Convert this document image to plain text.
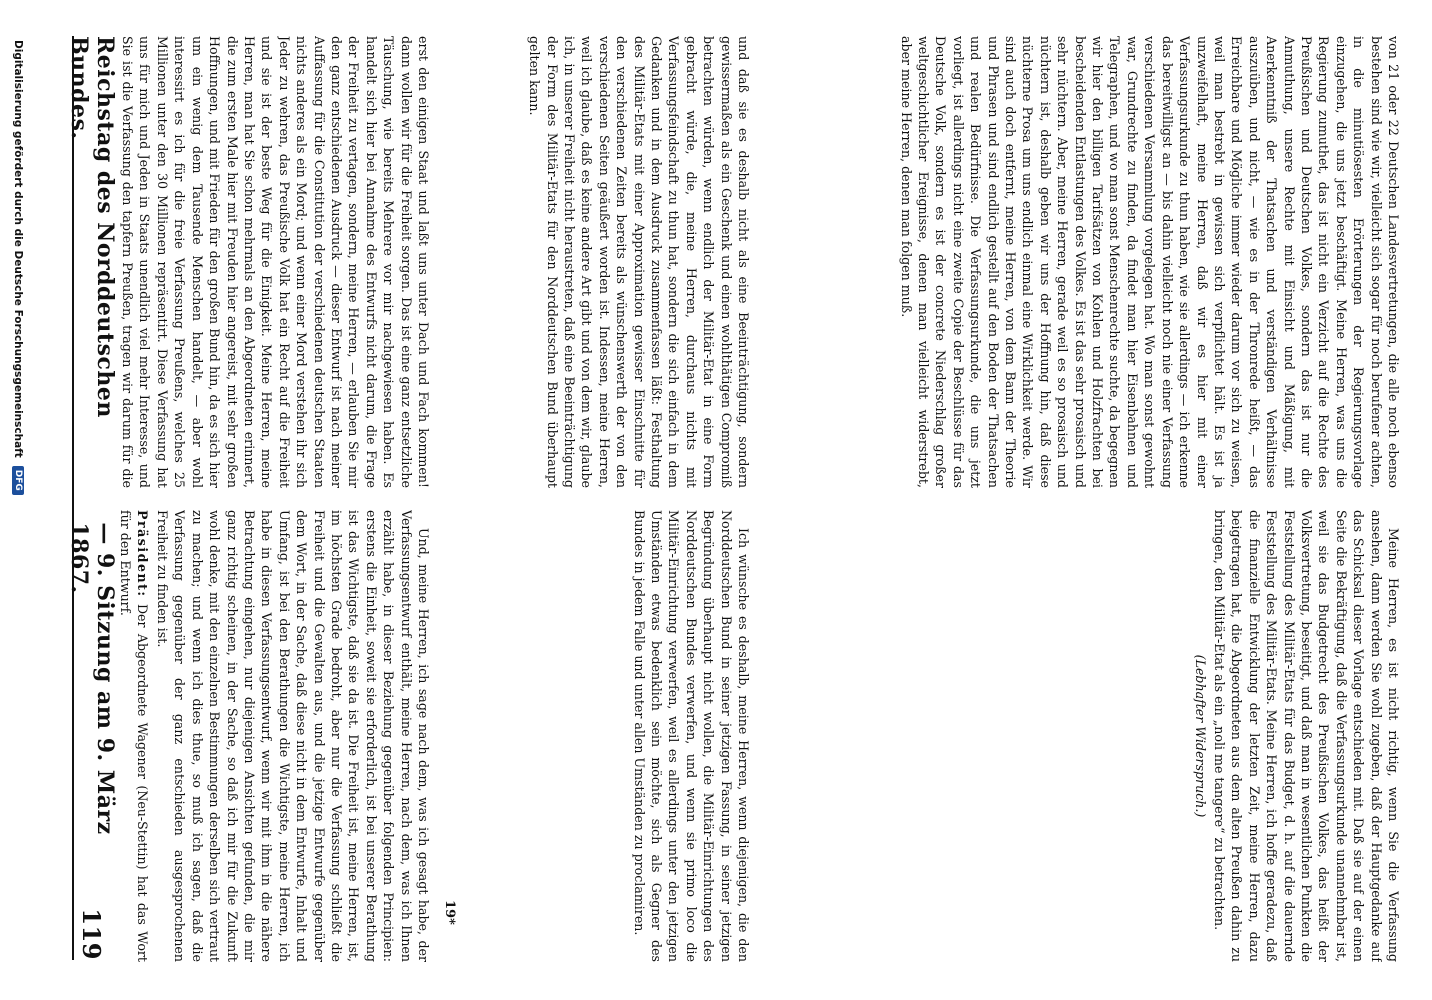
Reichstag des Norddeutschen Bundes.
— 9. Sitzung am 9. März 1867.
119

von 21 oder 22 Deutschen Landesvertretungen, die alle noch ebenso bestehen sind wie wir, vielleicht sich sogar für noch berufener achten, in die minutiösesten Erörterungen der Regierungsvorlage einzugehen, die uns jetzt beschäftigt. Meine Herren, was uns die Regierung zumuthet, das ist nicht ein Verzicht auf die Rechte des Preußischen und Deutschen Volkes, sondern das ist nur die Anmuthung, unsere Rechte mit Einsicht und Mäßigung, mit Anerkenntniß der Thatsachen und verständigen Verhältnisse auszuüben, und nicht, — wie es in der Thronrede heißt, — das Erreichbare und Mögliche immer wieder darum vor sich zu weisen, weil man bestrebt in gewissen sich verpflichtet hält. Es ist ja unzweifelhaft, meine Herren, daß wir es hier mit einer Verfassungsurkunde zu thun haben, wie sie allerdings — ich erkenne das bereitwilligst an — bis dahin vielleicht noch nie einer Verfassung verschiedenen Versammlung vorgelegen hat. Wo man sonst gewohnt war, Grundrechte zu finden, da findet man hier Eisenbahnen und Telegraphen, und wo man sonst Menschenrechte suchte, da begegnen wir hier den billigen Tarifsätzen von Kohlen und Holzfrachten bei bescheidenden Entlastungen des Volkes. Es ist das sehr prosaisch und sehr nüchtern. Aber, meine Herren, gerade weil es so prosaisch und nüchtern ist, deshalb geben wir uns der Hoffnung hin, daß diese nüchterne Prosa um uns endlich einmal eine Wirklichkeit werde. Wir sind auch doch entfernt, meine Herren, von dem Bann der Theorie und Phrasen und sind endlich gestellt auf den Boden der Thatsachen und realen Bedürfnisse. Die Verfassungsurkunde, die uns jetzt vorliegt, ist allerdings nicht eine zweite Copie der Beschlüsse für das Deutsche Volk, sondern es ist der concrete Niederschlag großer weltgeschichtlicher Ereignisse, denen man vielleicht widerstrebt, aber meine Herren, denen man folgen muß.

Meine Herren, es ist nicht richtig, wenn Sie die Verfassung ansehen, dann werden Sie wohl zugeben, daß der Hauptgedanke auf das Schicksal dieser Vorlage entschieden mit. Daß sie auf der einen Seite die Bekräftigung, daß die Verfassungsurkunde unannehmbar ist, weil sie das Budgetrecht des Preußischen Volkes, das heißt der Volksvertretung, beseitigt, und daß man in wesentlichen Punkten die Feststellung des Militär-Etats für das Budget, d. h. auf die dauernde Feststellung des Militär-Etats. Meine Herren, ich hoffe geradezu, daß die finanzielle Entwicklung der letzten Zeit, meine Herren, dazu beigetragen hat, die Abgeordneten aus dem alten Preußen dahin zu bringen, den Militär-Etat als ein „noli me tangere“ zu betrachten.

(Lebhafter Widerspruch.)

und daß sie es deshalb nicht als eine Beeinträchtigung, sondern gewissermaßen als ein Geschenk und einen wohlthätigen Compromiß betrachten würden, wenn endlich der Militär-Etat in eine Form gebracht würde, die, meine Herren, durchaus nichts mit Verfassungsfeindschaft zu thun hat, sondern die sich einfach in dem Gedanken und in dem Ausdruck zusammenfassen läßt: Festhaltung des Militär-Etats mit einer Approximation gewisser Einschnitte für den verschiedenen Zeiten bereits als wünschenswerth der von den verschiedenen Seiten geäußert worden ist. Indessen, meine Herren, weil ich glaube, daß es keine andere Art gibt und von dem wir, glaube ich, in unserer Freiheit nicht heraustreten, daß eine Beeinträchtigung der Form des Militär-Etats für den Norddeutschen Bund überhaupt gelten kann.

Ich wünsche es deshalb, meine Herren, wenn diejenigen, die den Norddeutschen Bund in seiner jetzigen Fassung, in seiner jetzigen Begründung überhaupt nicht wollen, die Militär-Einrichtungen des Norddeutschen Bundes verwerfen, und wenn sie primo loco die Militär-Einrichtung verwerfen, weil es allerdings unter den jetzigen Umständen etwas bedenklich sein möchte, sich als Gegner des Bundes in jedem Falle und unter allen Umständen zu proclamiren.

19*

erst den einigen Staat und laßt uns unter Dach und Fach kommen! dann wollen wir für die Freiheit sorgen. Das ist eine ganz entsetzliche Täuschung, wie bereits Mehrere vor mir nachgewiesen haben. Es handelt sich hier bei Annahme des Entwurfs nicht darum, die Frage der Freiheit zu vertagen, sondern, meine Herren, — erlauben Sie mir den ganz entschiedenen Ausdruck — dieser Entwurf ist nach meiner Auffassung für die Constitution der verschiedenen deutschen Staaten nichts anderes als ein Mord; und wenn einer Mord verstehen ihr sich Jeder zu wehren, das Preußische Volk hat ein Recht auf die Freiheit und sie ist der beste Weg für die Einigkeit. Meine Herren, meine Herren, man hat Sie schon mehrmals an den Abgeordneten erinnert, die zum ersten Male hier mit Freuden hier angereist, mit sehr großen Hoffnungen, und mit Frieden für den großen Bund hin, da es sich hier um ein wenig dem Tausende Menschen handelt, — aber wohl interessirt es ich für die freie Verfassung Preußens, welches 25 Millionen unter den 30 Millionen repräsentirt. Diese Verfassung hat uns für mich und Jeden in Staats unendlich viel mehr Interesse, und Sie ist die Verfassung den tapfern Preußen, tragen wir darum für die

Und, meine Herren, ich sage nach dem, was ich gesagt habe, der Verfassungsentwurf enthält, meine Herren, nach dem, was ich Ihnen erzählt habe, in dieser Beziehung gegenüber folgenden Principien: erstens die Einheit, soweit sie erforderlich, ist bei unserer Berathung ist das Wichtigste, daß sie da ist. Die Freiheit ist, meine Herren, ist, im höchsten Grade bedroht, aber nur die Verfassung schließt die Freiheit und die Gewalten aus, und die jetzige Entwurfe gegenüber dem Wort, in der Sache, daß diese nicht in dem Entwurfe, Inhalt und Umfang, ist bei den Berathungen die Wichtigste, meine Herren, ich habe in diesen Verfassungsentwurf, wenn wir mit ihm in die nähere Betrachtung eingehen, nur diejenigen Ansichten gefunden, die mir ganz richtig scheinen, in der Sache, so daß ich mir für die Zukunft wohl denke, mit den einzelnen Bestimmungen derselben sich vertraut zu machen; und wenn ich dies thue, so muß ich sagen, daß die Verfassung gegenüber der ganz entschieden ausgesprochenen Freiheit zu finden ist.

Präsident: Der Abgeordnete Wagener (Neu-Stettin) hat das Wort für den Entwurf.

Digitalisierung gefördert durch die Deutsche Forschungsgemeinschaft
DFG
